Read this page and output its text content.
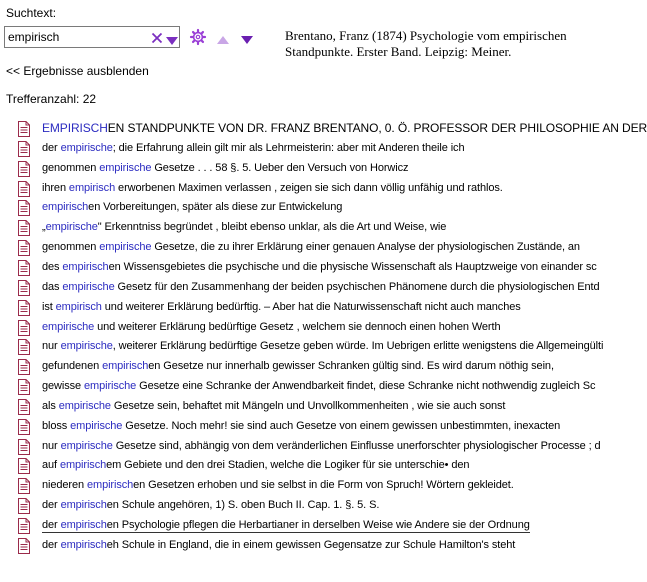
Suchtext:
empirisch
Brentano, Franz (1874) Psychologie vom empirischen Standpunkte. Erster Band. Leipzig: Meiner.
<< Ergebnisse ausblenden
Trefferanzahl: 22
EMPIRISCHEN STANDPUNKTE VON DR. FRANZ BRENTANO, 0. Ö. PROFESSOR DER PHILOSOPHIE AN DER
der empirische; die Erfahrung allein gilt mir als Lehrmeisterin: aber mit Anderen theile ich
genommen empirische Gesetze . . . 58 §. 5. Ueber den Versuch von Horwicz
ihren empirisch erworbenen Maximen verlassen , zeigen sie sich dann völlig unfähig und rathlos.
empirischen Vorbereitungen, später als diese zur Entwickelung
„empirische" Erkenntniss begründet , bleibt ebenso unklar, als die Art und Weise, wie
genommen empirische Gesetze, die zu ihrer Erklärung einer genauen Analyse der physiologischen Zustände, an
des empirischen Wissensgebietes die psychische und die physische Wissenschaft als Hauptzweige von einander sc
das empirische Gesetz für den Zusammenhang der beiden psychischen Phänomene durch die physiologischen Entd
ist empirisch und weiterer Erklärung bedürftig. – Aber hat die Naturwissenschaft nicht auch manches
empirische und weiterer Erklärung bedürftige Gesetz , welchem sie dennoch einen hohen Werth
nur empirische, weiterer Erklärung bedürftige Gesetze geben würde. Im Uebrigen erlitte wenigstens die Allgemeingülti
gefundenen empirischen Gesetze nur innerhalb gewisser Schranken gültig sind. Es wird darum nöthig sein,
gewisse empirische Gesetze eine Schranke der Anwendbarkeit findet, diese Schranke nicht nothwendig zugleich Sc
als empirische Gesetze sein, behaftet mit Mängeln und Unvollkommenheiten , wie sie auch sonst
bloss empirische Gesetze. Noch mehr! sie sind auch Gesetze von einem gewissen unbestimmten, inexacten
nur empirische Gesetze sind, abhängig von dem veränderlichen Einflusse unerforschter physiologischer Processe ; d
auf empirischem Gebiete und den drei Stadien, welche die Logiker für sie unterschie• den
niederen empirischen Gesetzen erhoben und sie selbst in die Form von Spruch! Wörtern gekleidet.
der empirischen Schule angehören, 1) S. oben Buch II. Cap. 1. §. 5. S.
der empirischen Psychologie pflegen die Herbartianer in derselben Weise wie Andere sie der Ordnung
der empirischeh Schule in England, die in einem gewissen Gegensatze zur Schule Hamilton's steht
